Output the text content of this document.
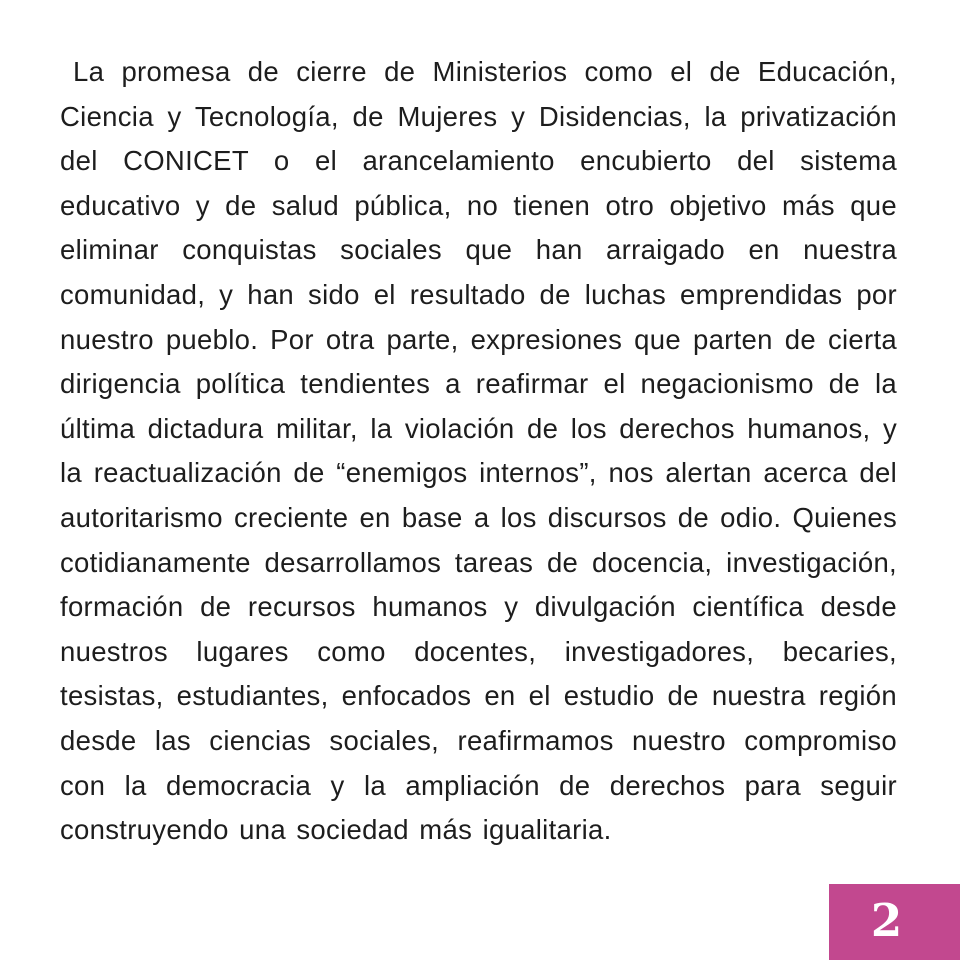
La promesa de cierre de Ministerios como el de Educación, Ciencia y Tecnología, de Mujeres y Disidencias, la privatización del CONICET o el arancelamiento encubierto del sistema educativo y de salud pública, no tienen otro objetivo más que eliminar conquistas sociales que han arraigado en nuestra comunidad, y han sido el resultado de luchas emprendidas por nuestro pueblo. Por otra parte, expresiones que parten de cierta dirigencia política tendientes a reafirmar el negacionismo de la última dictadura militar, la violación de los derechos humanos, y la reactualización de “enemigos internos”, nos alertan acerca del autoritarismo creciente en base a los discursos de odio. Quienes cotidianamente desarrollamos tareas de docencia, investigación, formación de recursos humanos y divulgación científica desde nuestros lugares como docentes, investigadores, becaries, tesistas, estudiantes, enfocados en el estudio de nuestra región desde las ciencias sociales, reafirmamos nuestro compromiso con la democracia y la ampliación de derechos para seguir construyendo una sociedad más igualitaria.

2
